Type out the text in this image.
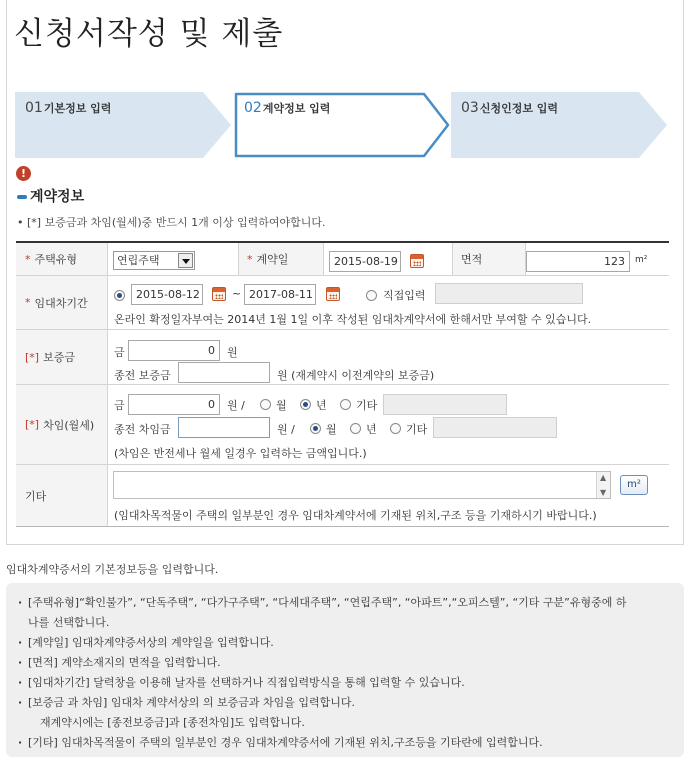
신청서작성 및 제출
01기본정보 입력	02계약정보 입력	03신청인정보 입력
!
계약정보
• [*] 보증금과 차임(월세)중 반드시 1개 이상 입력하여야합니다.
* 주택유형	연립주택	* 계약일	2015-08-19	면적	123	m²
* 임대차기간
2015-08-12	~ 2017-08-11	직접입력
온라인 확정일자부여는 2014년 1월 1일 이후 작성된 임대차계약서에 한해서만 부여할 수 있습니다.
[*] 보증금	금	0	원
종전 보증금	원 (재계약시 이전계약의 보증금)
[*] 차임(월세)
금	0	원 /	월	년	기타
종전 차임금	원 /	월	년	기타
(차임은 반전세나 월세 일경우 입력하는 금액입니다.)
기타
▲
▼
m²
(임대차목적물이 주택의 일부분인 경우 임대차계약서에 기재된 위치,구조 등을 기재하시기 바랍니다.)
임대차계약증서의 기본정보등을 입력합니다.
· [주택유형]“확인불가”, “단독주택”, “다가구주택”, “다세대주택”, “연립주택”, “아파트”,“오피스텔”, “기타 구분”유형중에 하
나를 선택합니다.
· [계약일] 임대차계약증서상의 계약일을 입력합니다.
· [면적] 계약소재지의 면적을 입력합니다.
· [임대차기간] 달력창을 이용해 날자를 선택하거나 직접입력방식을 통해 입력할 수 있습니다.
· [보증금 과 차임] 임대차 계약서상의 의 보증금과 차임을 입력합니다.
재계약시에는 [종전보증금]과 [종전차임]도 입력합니다.
· [기타] 임대차목적물이 주택의 일부분인 경우 임대차계약증서에 기재된 위치,구조등을 기타란에 입력합니다.
